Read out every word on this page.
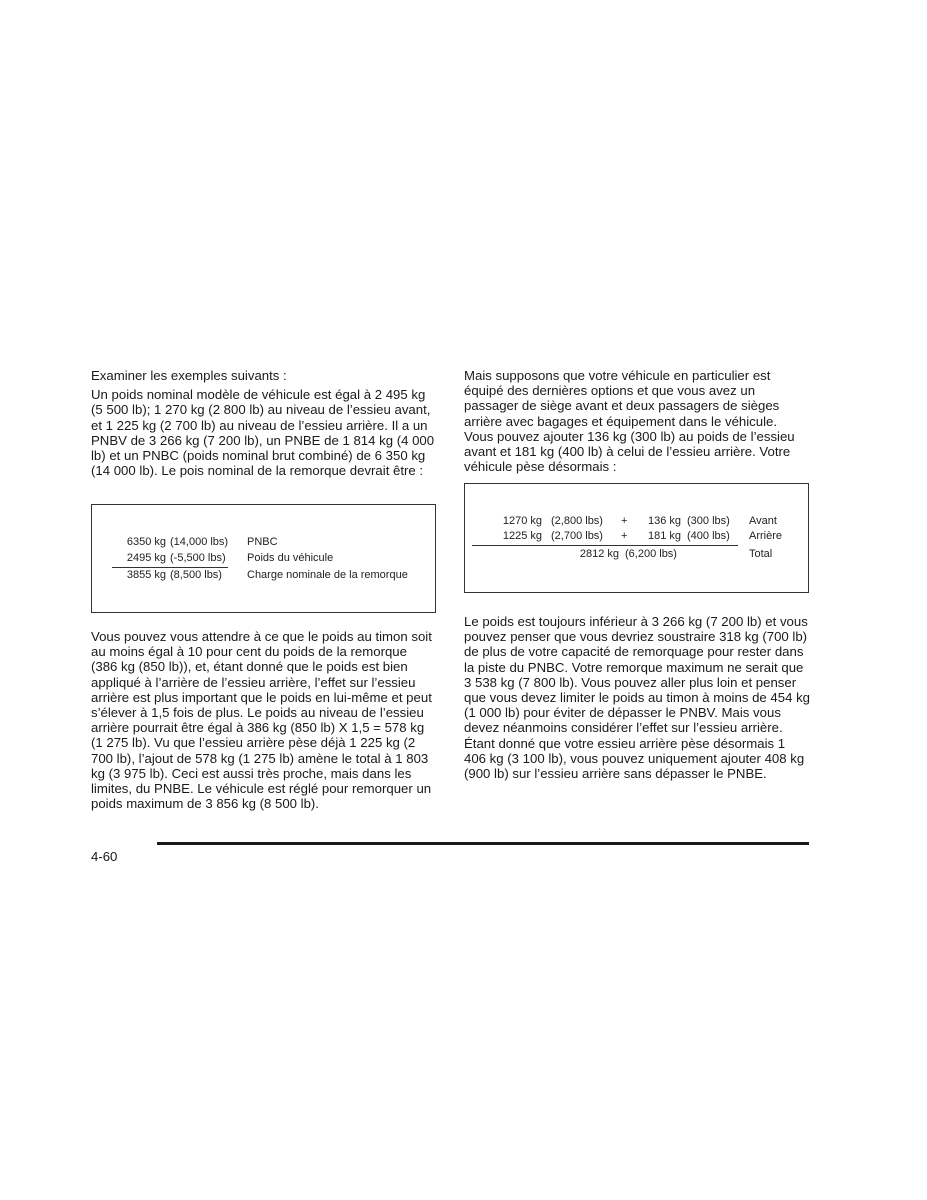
Examiner les exemples suivants :

Un poids nominal modèle de véhicule est égal à 2 495 kg (5 500 lb); 1 270 kg (2 800 lb) au niveau de l’essieu avant, et 1 225 kg (2 700 lb) au niveau de l’essieu arrière. Il a un PNBV de 3 266 kg (7 200 lb), un PNBE de 1 814 kg (4 000 lb) et un PNBC (poids nominal brut combiné) de 6 350 kg (14 000 lb). Le pois nominal de la remorque devrait être :

6350 kg (14,000 lbs) PNBC
2495 kg (-5,500 lbs) Poids du véhicule
3855 kg (8,500 lbs) Charge nominale de la remorque

Vous pouvez vous attendre à ce que le poids au timon soit au moins égal à 10 pour cent du poids de la remorque (386 kg (850 lb)), et, étant donné que le poids est bien appliqué à l’arrière de l’essieu arrière, l’effet sur l’essieu arrière est plus important que le poids en lui-même et peut s’élever à 1,5 fois de plus. Le poids au niveau de l’essieu arrière pourrait être égal à 386 kg (850 lb) X 1,5 = 578 kg (1 275 lb). Vu que l’essieu arrière pèse déjà 1 225 kg (2 700 lb), l’ajout de 578 kg (1 275 lb) amène le total à 1 803 kg (3 975 lb). Ceci est aussi très proche, mais dans les limites, du PNBE. Le véhicule est réglé pour remorquer un poids maximum de 3 856 kg (8 500 lb).

Mais supposons que votre véhicule en particulier est équipé des dernières options et que vous avez un passager de siège avant et deux passagers de sièges arrière avec bagages et équipement dans le véhicule. Vous pouvez ajouter 136 kg (300 lb) au poids de l’essieu avant et 181 kg (400 lb) à celui de l’essieu arrière. Votre véhicule pèse désormais :

1270 kg (2,800 lbs) +	136 kg (300 lbs) Avant
1225 kg (2,700 lbs) +	181 kg (400 lbs) Arrière
2812 kg (6,200 lbs)	Total

Le poids est toujours inférieur à 3 266 kg (7 200 lb) et vous pouvez penser que vous devriez soustraire 318 kg (700 lb) de plus de votre capacité de remorquage pour rester dans la piste du PNBC. Votre remorque maximum ne serait que 3 538 kg (7 800 lb). Vous pouvez aller plus loin et penser que vous devez limiter le poids au timon à moins de 454 kg (1 000 lb) pour éviter de dépasser le PNBV. Mais vous devez néanmoins considérer l’effet sur l’essieu arrière. Étant donné que votre essieu arrière pèse désormais 1 406 kg (3 100 lb), vous pouvez uniquement ajouter 408 kg (900 lb) sur l’essieu arrière sans dépasser le PNBE.

4-60
